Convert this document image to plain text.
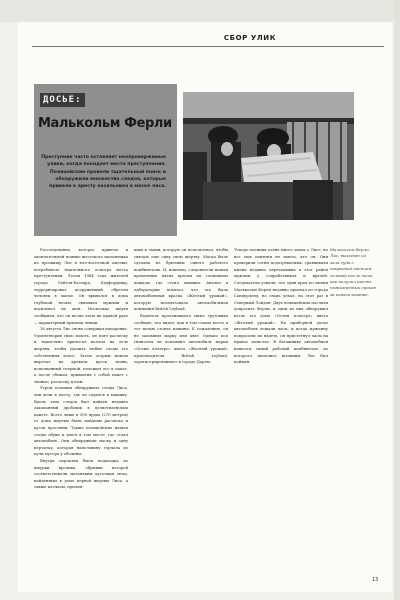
СБОР УЛИК
ДОСЬЕ:
Малькольм Ферли
Преступник часто оставляет неопровержимые улики, когда покидает место преступления. Полицейские провели тщательный поиск и обнаружили множество следов, которые привели к аресту насильника в маске лиса.

Расследование, которое привело к окончательной поимке жестокого насильника по прозвищу Лис в юго-восточной Англии, потребовало тщательного осмотра места преступления. Летом 1984 года жителей города Лейтон-Баззард, Бедфордшир, терроризировал вооруженный обрезом человек в маске. Он врывался в дома глубокой ночью, связывал мужчин и насиловал их жен. Несколько жертв сообщили, что он носил часы на правой руке — характерный признак левши.

16 августа Лис снова совершил нападение. Удовлетворив свою похоть, он взял расческу и тщательно причесал волосы на теле жертвы, чтобы удалить любые следы его собственных волос. Затем острым ножом вырезал на кровати кусок ткани, испачканный спермой, положил его в пакет, а после сбежал, прихватив с собой пакет с тканью, расческу и нож.

Утром полиция обнаружила следы Лиса, они вели к месту, где он садился в машину. Вдоль этих следов был найден недавно закопанный дробовик в полиэтиленовом пакете. Всего лишь в 300 ярдах (270 метров) от дома жертвы были найдены расческа и кусок простыни. Также полицейские нашли следы обуви и ключ в том месте, где стоял автомобиль. Они обнаружили маску и одну перчатку, которая наполовину торчала из кучи мусора у обочины.

Внутри перчатки были подкладка из шкурки кролика, обрывки которой соответствовали маленьким кусочкам меха, найденным в доме первой жертвы Лиса, а также клочком, прилип-

шим к ткани, которую он использовал, чтобы связать еще одну свою жертву. Маска была сделана из брючины синего рабочего комбинезона. И, наконец, следователи нашли крошечные пятна краски на сломанном каждом, где стоял машина. Анализ в лаборатории показал, что это была автомобильная краска «Желтый урожай», которую использовала автомобильная компания British Leyland.

Водитель проезжавшего мимо грузовика сообщил, что видел, как в том самом месте в тот ночью стояла машина. К сожалению, он не запомнил марку или цвет. Однако под гипнозом он вспомнил автомобиль марки «Остин Аллегро» цвета «Желтый урожай» производителя British Leyland, зарегистрированного в городе Дарем.

Теперь полиция очень много знала о Лисе, но все еще понятия не имела, кто он. Они проверили сотни подозреваемых, сравнивали имена недавно переехавших в этот район мужчин у соцработников и врачей. Следователи узнали, что один врач по имени Малькольм Ферли недавно приехал из города Сандерленд, но снова уехал, на этот раз в Северный Лондон. Двух полицейских послали допросить Ферли, и одни из них обнаружил возле его дома «Остин Аллегро» цвета «Желтый урожай». На приборной доске автомобиля лежали часы, и когда мужчину попросили их надеть, он пристегнул часы на правое запястье. В багажнике автомобиля нашелся синий рабочий комбинезон, из которого пытались штанины. Лис был пойман.

Малькольм Ферли, Лис, выходит из зала суда с накрытой одеялом головой после того, как получил шесть пожизненных сроков за изнасилование.
13
